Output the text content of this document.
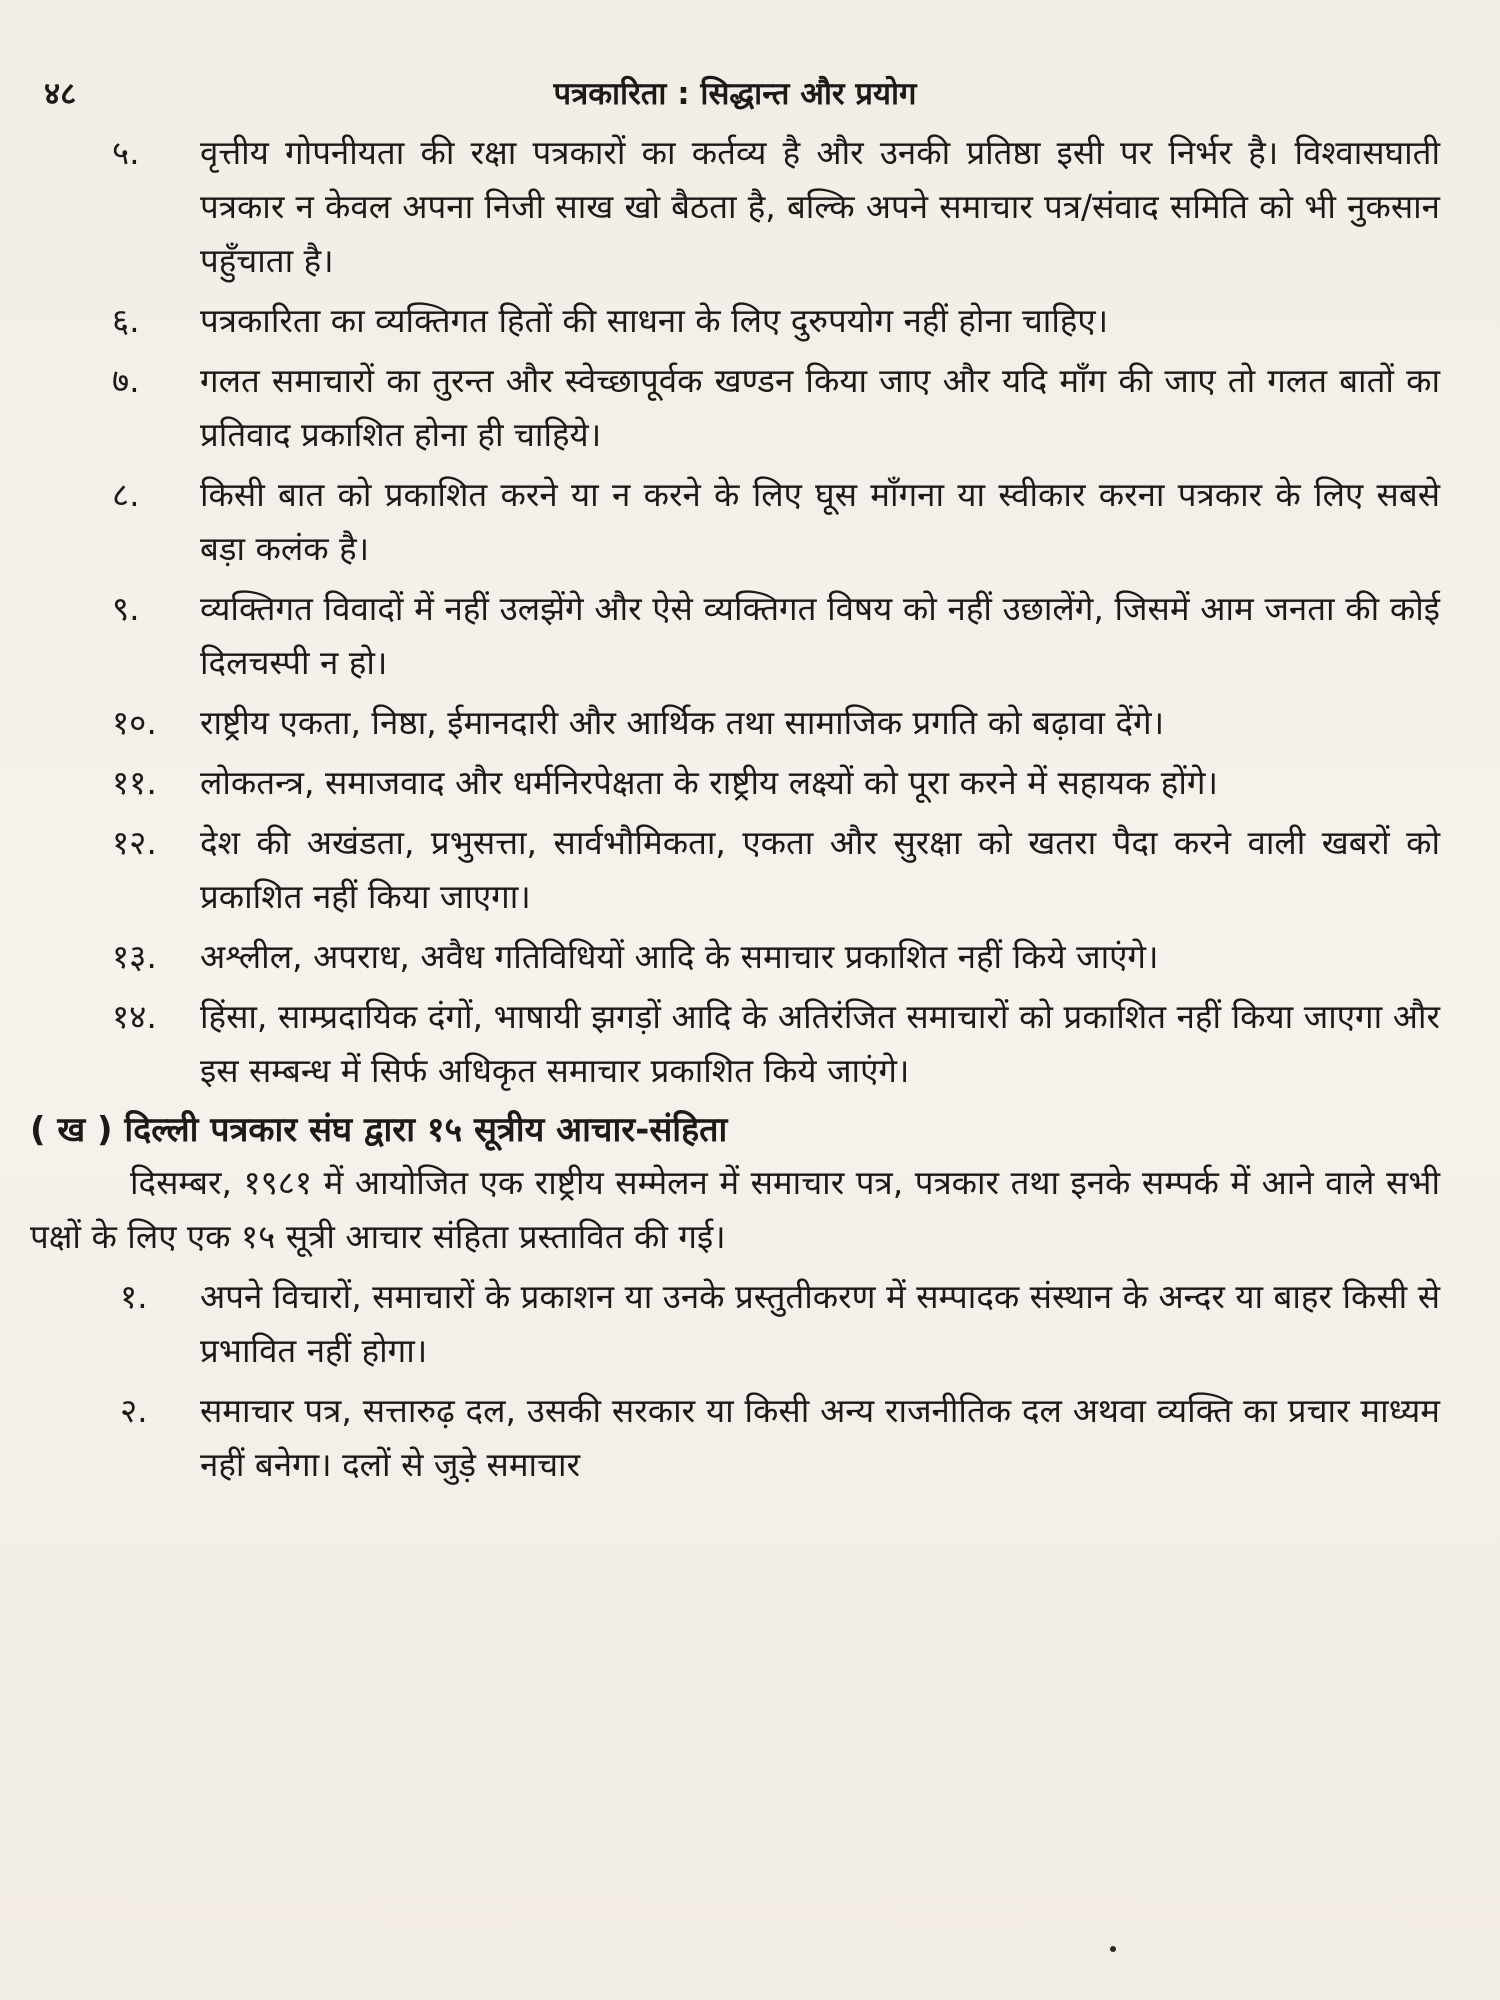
४८	पत्रकारिता : सिद्धान्त और प्रयोग
५.	वृत्तीय गोपनीयता की रक्षा पत्रकारों का कर्तव्य है और उनकी प्रतिष्ठा इसी पर निर्भर है। विश्वासघाती पत्रकार न केवल अपना निजी साख खो बैठता है, बल्कि अपने समाचार पत्र/संवाद समिति को भी नुकसान पहुँचाता है।
६.	पत्रकारिता का व्यक्तिगत हितों की साधना के लिए दुरुपयोग नहीं होना चाहिए।
७.	गलत समाचारों का तुरन्त और स्वेच्छापूर्वक खण्डन किया जाए और यदि माँग की जाए तो गलत बातों का प्रतिवाद प्रकाशित होना ही चाहिये।
८.	किसी बात को प्रकाशित करने या न करने के लिए घूस माँगना या स्वीकार करना पत्रकार के लिए सबसे बड़ा कलंक है।
९.	व्यक्तिगत विवादों में नहीं उलझेंगे और ऐसे व्यक्तिगत विषय को नहीं उछालेंगे, जिसमें आम जनता की कोई दिलचस्पी न हो।
१०.	राष्ट्रीय एकता, निष्ठा, ईमानदारी और आर्थिक तथा सामाजिक प्रगति को बढ़ावा देंगे।
११.	लोकतन्त्र, समाजवाद और धर्मनिरपेक्षता के राष्ट्रीय लक्ष्यों को पूरा करने में सहायक होंगे।
१२.	देश की अखंडता, प्रभुसत्ता, सार्वभौमिकता, एकता और सुरक्षा को खतरा पैदा करने वाली खबरों को प्रकाशित नहीं किया जाएगा।
१३.	अश्लील, अपराध, अवैध गतिविधियों आदि के समाचार प्रकाशित नहीं किये जाएंगे।
१४.	हिंसा, साम्प्रदायिक दंगों, भाषायी झगड़ों आदि के अतिरंजित समाचारों को प्रकाशित नहीं किया जाएगा और इस सम्बन्ध में सिर्फ अधिकृत समाचार प्रकाशित किये जाएंगे।
( ख ) दिल्ली पत्रकार संघ द्वारा १५ सूत्रीय आचार-संहिता
दिसम्बर, १९८१ में आयोजित एक राष्ट्रीय सम्मेलन में समाचार पत्र, पत्रकार तथा इनके सम्पर्क में आने वाले सभी पक्षों के लिए एक १५ सूत्री आचार संहिता प्रस्तावित की गई।
१.	अपने विचारों, समाचारों के प्रकाशन या उनके प्रस्तुतीकरण में सम्पादक संस्थान के अन्दर या बाहर किसी से प्रभावित नहीं होगा।
२.	समाचार पत्र, सत्तारुढ़ दल, उसकी सरकार या किसी अन्य राजनीतिक दल अथवा व्यक्ति का प्रचार माध्यम नहीं बनेगा। दलों से जुड़े समाचार
